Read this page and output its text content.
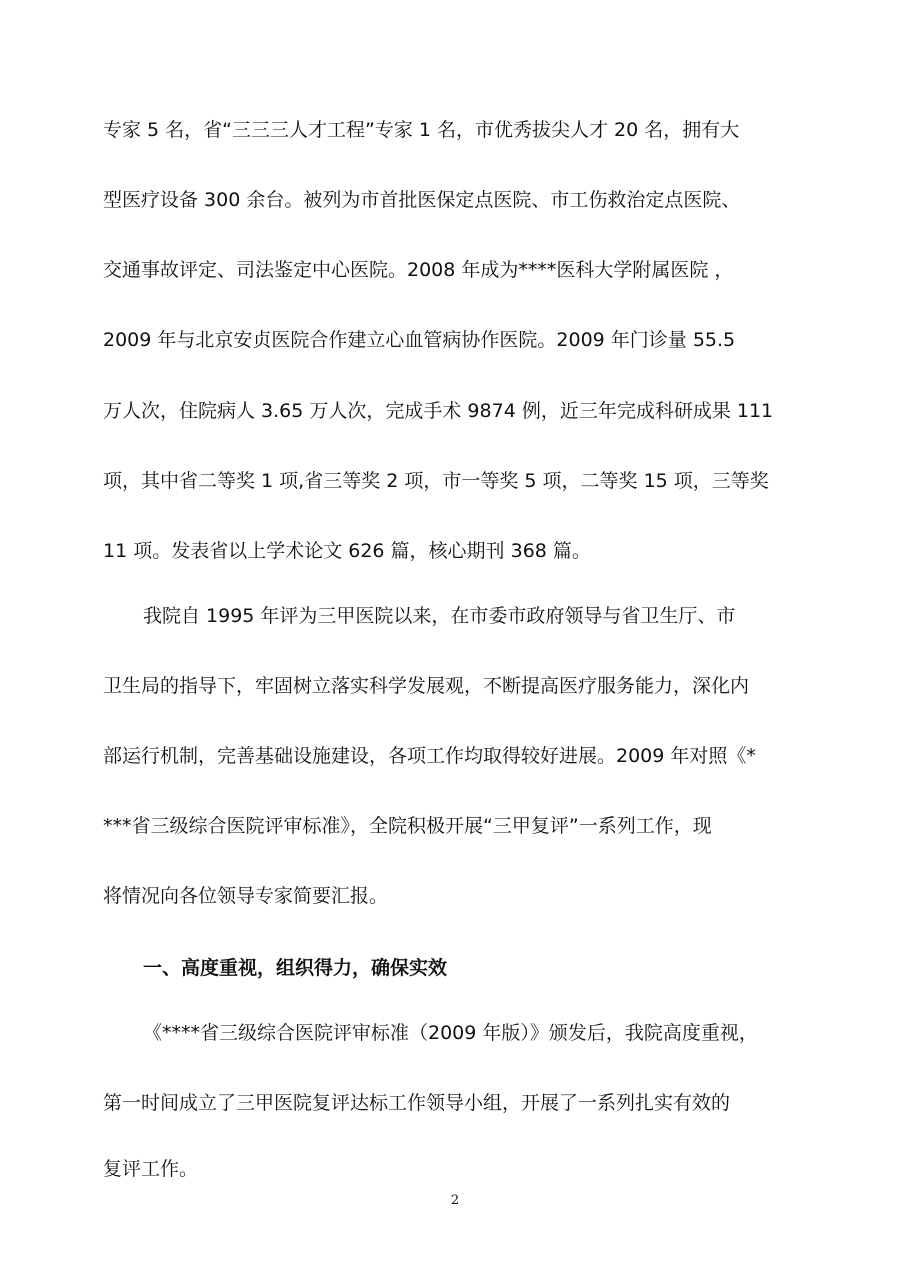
专家 5 名，省“三三三人才工程”专家 1 名，市优秀拔尖人才 20 名，拥有大
型医疗设备 300 余台。被列为市首批医保定点医院、市工伤救治定点医院、
交通事故评定、司法鉴定中心医院。2008 年成为****医科大学附属医院 ，
2009 年与北京安贞医院合作建立心血管病协作医院。2009 年门诊量 55.5
万人次，住院病人 3.65 万人次，完成手术 9874 例，近三年完成科研成果 111
项，其中省二等奖 1 项,省三等奖 2 项，市一等奖 5 项，二等奖 15 项，三等奖
11 项。发表省以上学术论文 626 篇，核心期刊 368 篇。
我院自 1995 年评为三甲医院以来，在市委市政府领导与省卫生厅、市
卫生局的指导下，牢固树立落实科学发展观，不断提高医疗服务能力，深化内
部运行机制，完善基础设施建设，各项工作均取得较好进展。2009 年对照《*
***省三级综合医院评审标准》，全院积极开展“三甲复评”一系列工作，现
将情况向各位领导专家简要汇报。
一、高度重视，组织得力，确保实效
《****省三级综合医院评审标准（2009 年版）》颁发后，我院高度重视，
第一时间成立了三甲医院复评达标工作领导小组，开展了一系列扎实有效的
复评工作。
2
